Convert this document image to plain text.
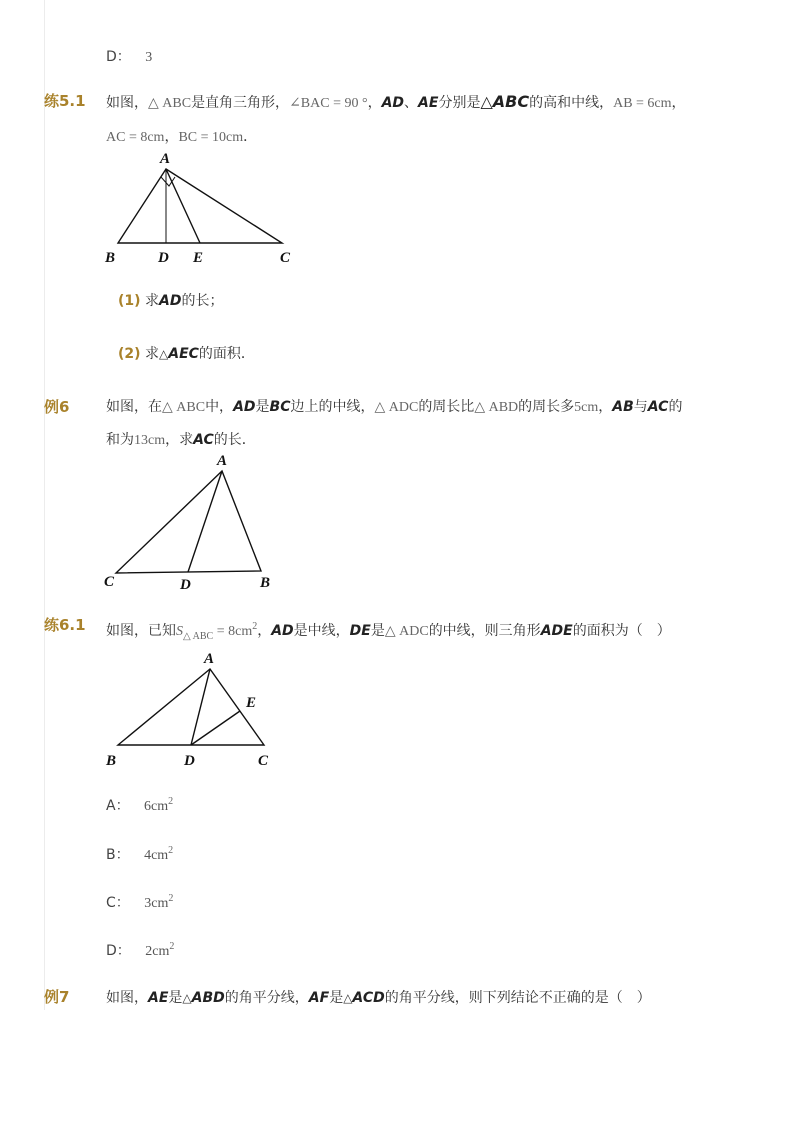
D： 3
练5.1 如图，△ ABC是直角三角形，∠BAC = 90 °，AD、AE分别是△ABC的高和中线，AB = 6cm，
AC = 8cm，BC = 10cm．
A
B	D E	C
(1) 求AD的长；
(2) 求△AEC的面积．
例6	如图，在△ ABC中，AD是BC边上的中线，△ ADC的周长比△ ABD的周长多5cm，AB与AC的
和为13cm，求AC的长．
A
C	D	B
练6.1 如图，已知$S_{\triangle ABC} = 8cm^2$，AD是中线，DE是△ ADC的中线，则三角形ADE的面积为（　）
A
E
B	D	C
A： $6cm^2$
B： $4cm^2$
C： $3cm^2$
D： $2cm^2$
例7	如图，AE是△ABD的角平分线，AF是△ACD的角平分线，则下列结论不正确的是（　）
